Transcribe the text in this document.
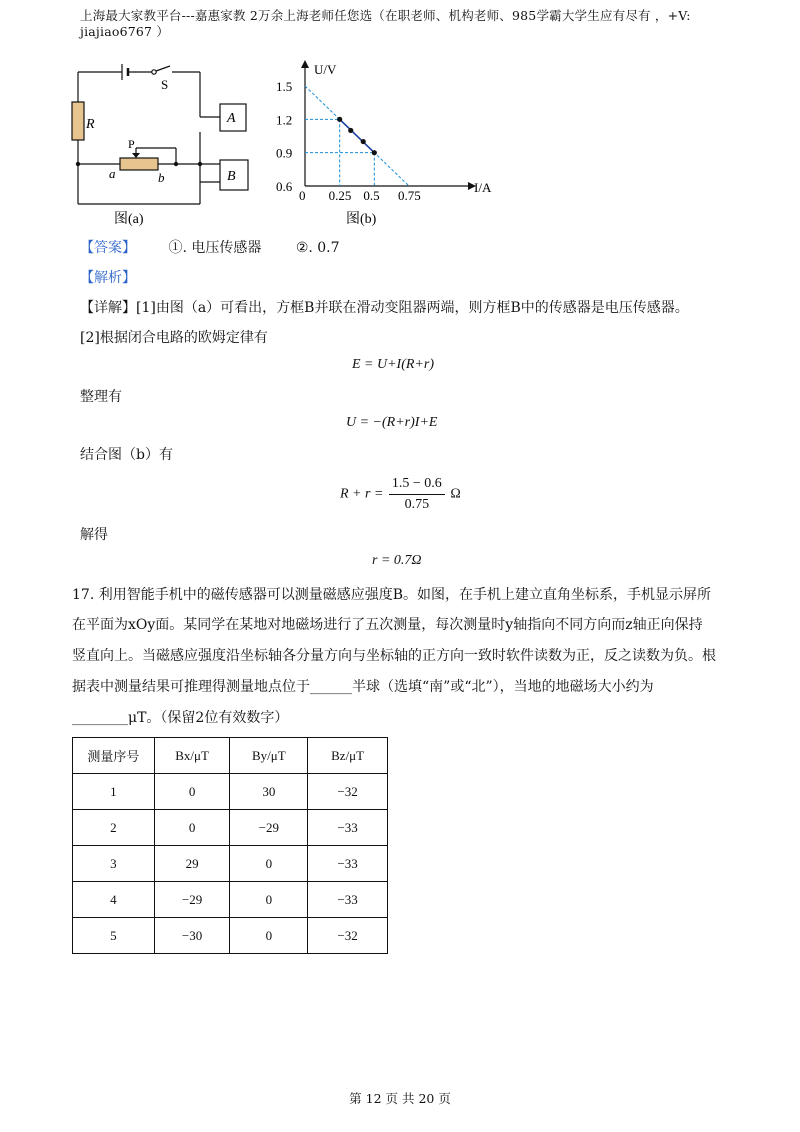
上海最大家教平台---嘉惠家教 2万余上海老师任您选（在职老师、机构老师、985学霸大学生应有尽有 ，+V:
jiajiao6767 ）
R
S
P
a	b
A
B
图(a)
U/V
I/A
0 0.25 0.5 0.75
0.6
0.9
1.2
1.5
图(b)
【答案】 ①. 电压传感器 ②. 0.7
【解析】
【详解】[1]由图（a）可看出，方框B并联在滑动变阻器两端，则方框B中的传感器是电压传感器。
[2]根据闭合电路的欧姆定律有
E = U+I(R+r)
整理有
U = −(R+r)I+E
结合图（b）有
$R + r = \frac{1.5 - 0.6}{0.75}$ Ω
解得
r = 0.7Ω
17. 利用智能手机中的磁传感器可以测量磁感应强度B。如图，在手机上建立直角坐标系，手机显示屏所
在平面为xOy面。某同学在某地对地磁场进行了五次测量，每次测量时y轴指向不同方向而z轴正向保持
竖直向上。当磁感应强度沿坐标轴各分量方向与坐标轴的正方向一致时软件读数为正，反之读数为负。根
据表中测量结果可推理得测量地点位于______半球（选填“南”或“北”），当地的地磁场大小约为
________μT。（保留2位有效数字）
测量序号	Bx/μT	By/μT	Bz/μT
1	0	30	−32
2	0	−29	−33
3	29	0	−33
4	−29	0	−33
5	−30	0	−32
第 12 页 共 20 页
